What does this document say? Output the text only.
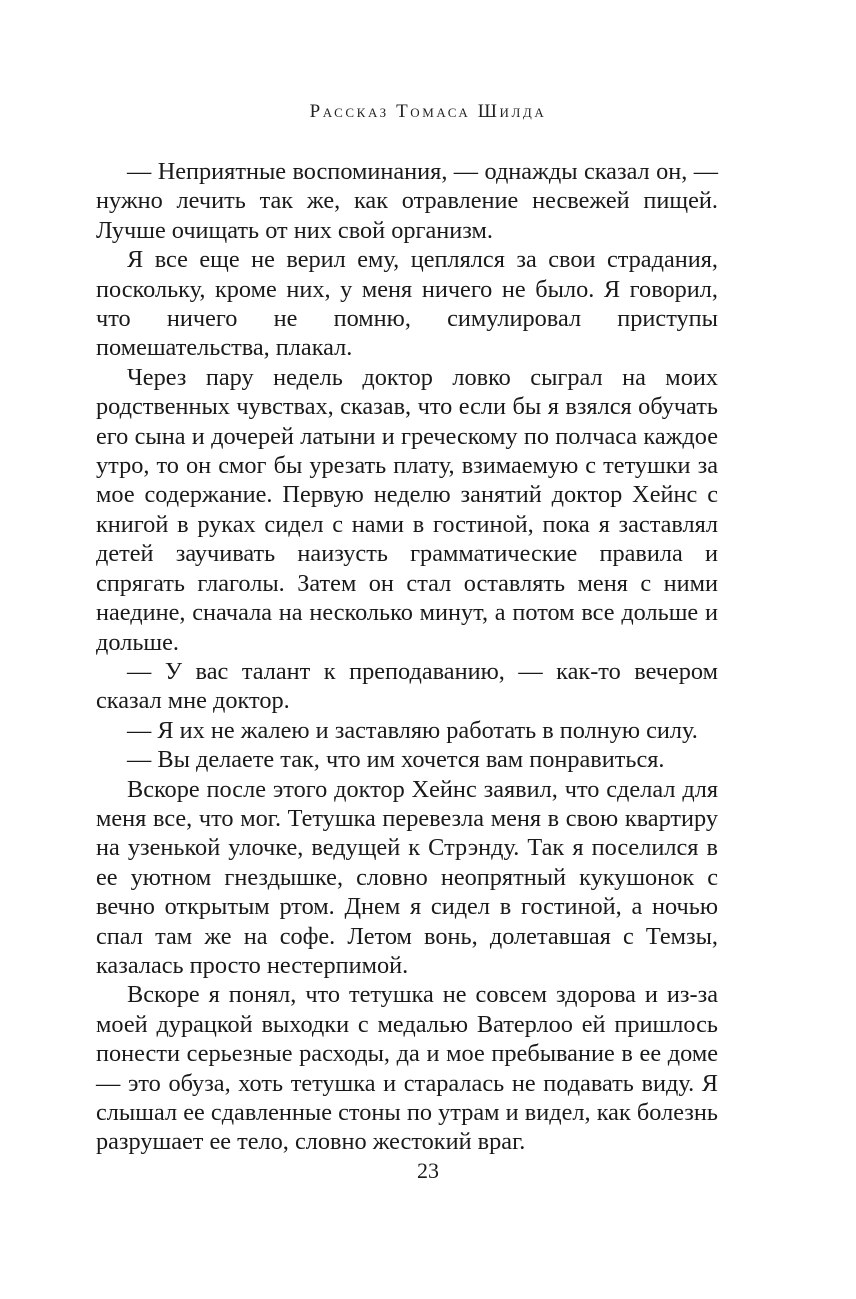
Рассказ Томаса Шилда

— Неприятные воспоминания, — однажды сказал он, — нужно лечить так же, как отравление несвежей пищей. Лучше очищать от них свой организм.

Я все еще не верил ему, цеплялся за свои страдания, поскольку, кроме них, у меня ничего не было. Я говорил, что ничего не помню, симулировал приступы помешательства, плакал.

Через пару недель доктор ловко сыграл на моих родственных чувствах, сказав, что если бы я взялся обучать его сына и дочерей латыни и греческому по полчаса каждое утро, то он смог бы урезать плату, взимаемую с тетушки за мое содержание. Первую неделю занятий доктор Хейнс с книгой в руках сидел с нами в гостиной, пока я заставлял детей заучивать наизусть грамматические правила и спрягать глаголы. Затем он стал оставлять меня с ними наедине, сначала на несколько минут, а потом все дольше и дольше.

— У вас талант к преподаванию, — как-то вечером сказал мне доктор.

— Я их не жалею и заставляю работать в полную силу.

— Вы делаете так, что им хочется вам понравиться.

Вскоре после этого доктор Хейнс заявил, что сделал для меня все, что мог. Тетушка перевезла меня в свою квартиру на узенькой улочке, ведущей к Стрэнду. Так я поселился в ее уютном гнездышке, словно неопрятный кукушонок с вечно открытым ртом. Днем я сидел в гостиной, а ночью спал там же на софе. Летом вонь, долетавшая с Темзы, казалась просто нестерпимой.

Вскоре я понял, что тетушка не совсем здорова и из-за моей дурацкой выходки с медалью Ватерлоо ей пришлось понести серьезные расходы, да и мое пребывание в ее доме — это обуза, хоть тетушка и старалась не подавать виду. Я слышал ее сдавленные стоны по утрам и видел, как болезнь разрушает ее тело, словно жестокий враг.

23
